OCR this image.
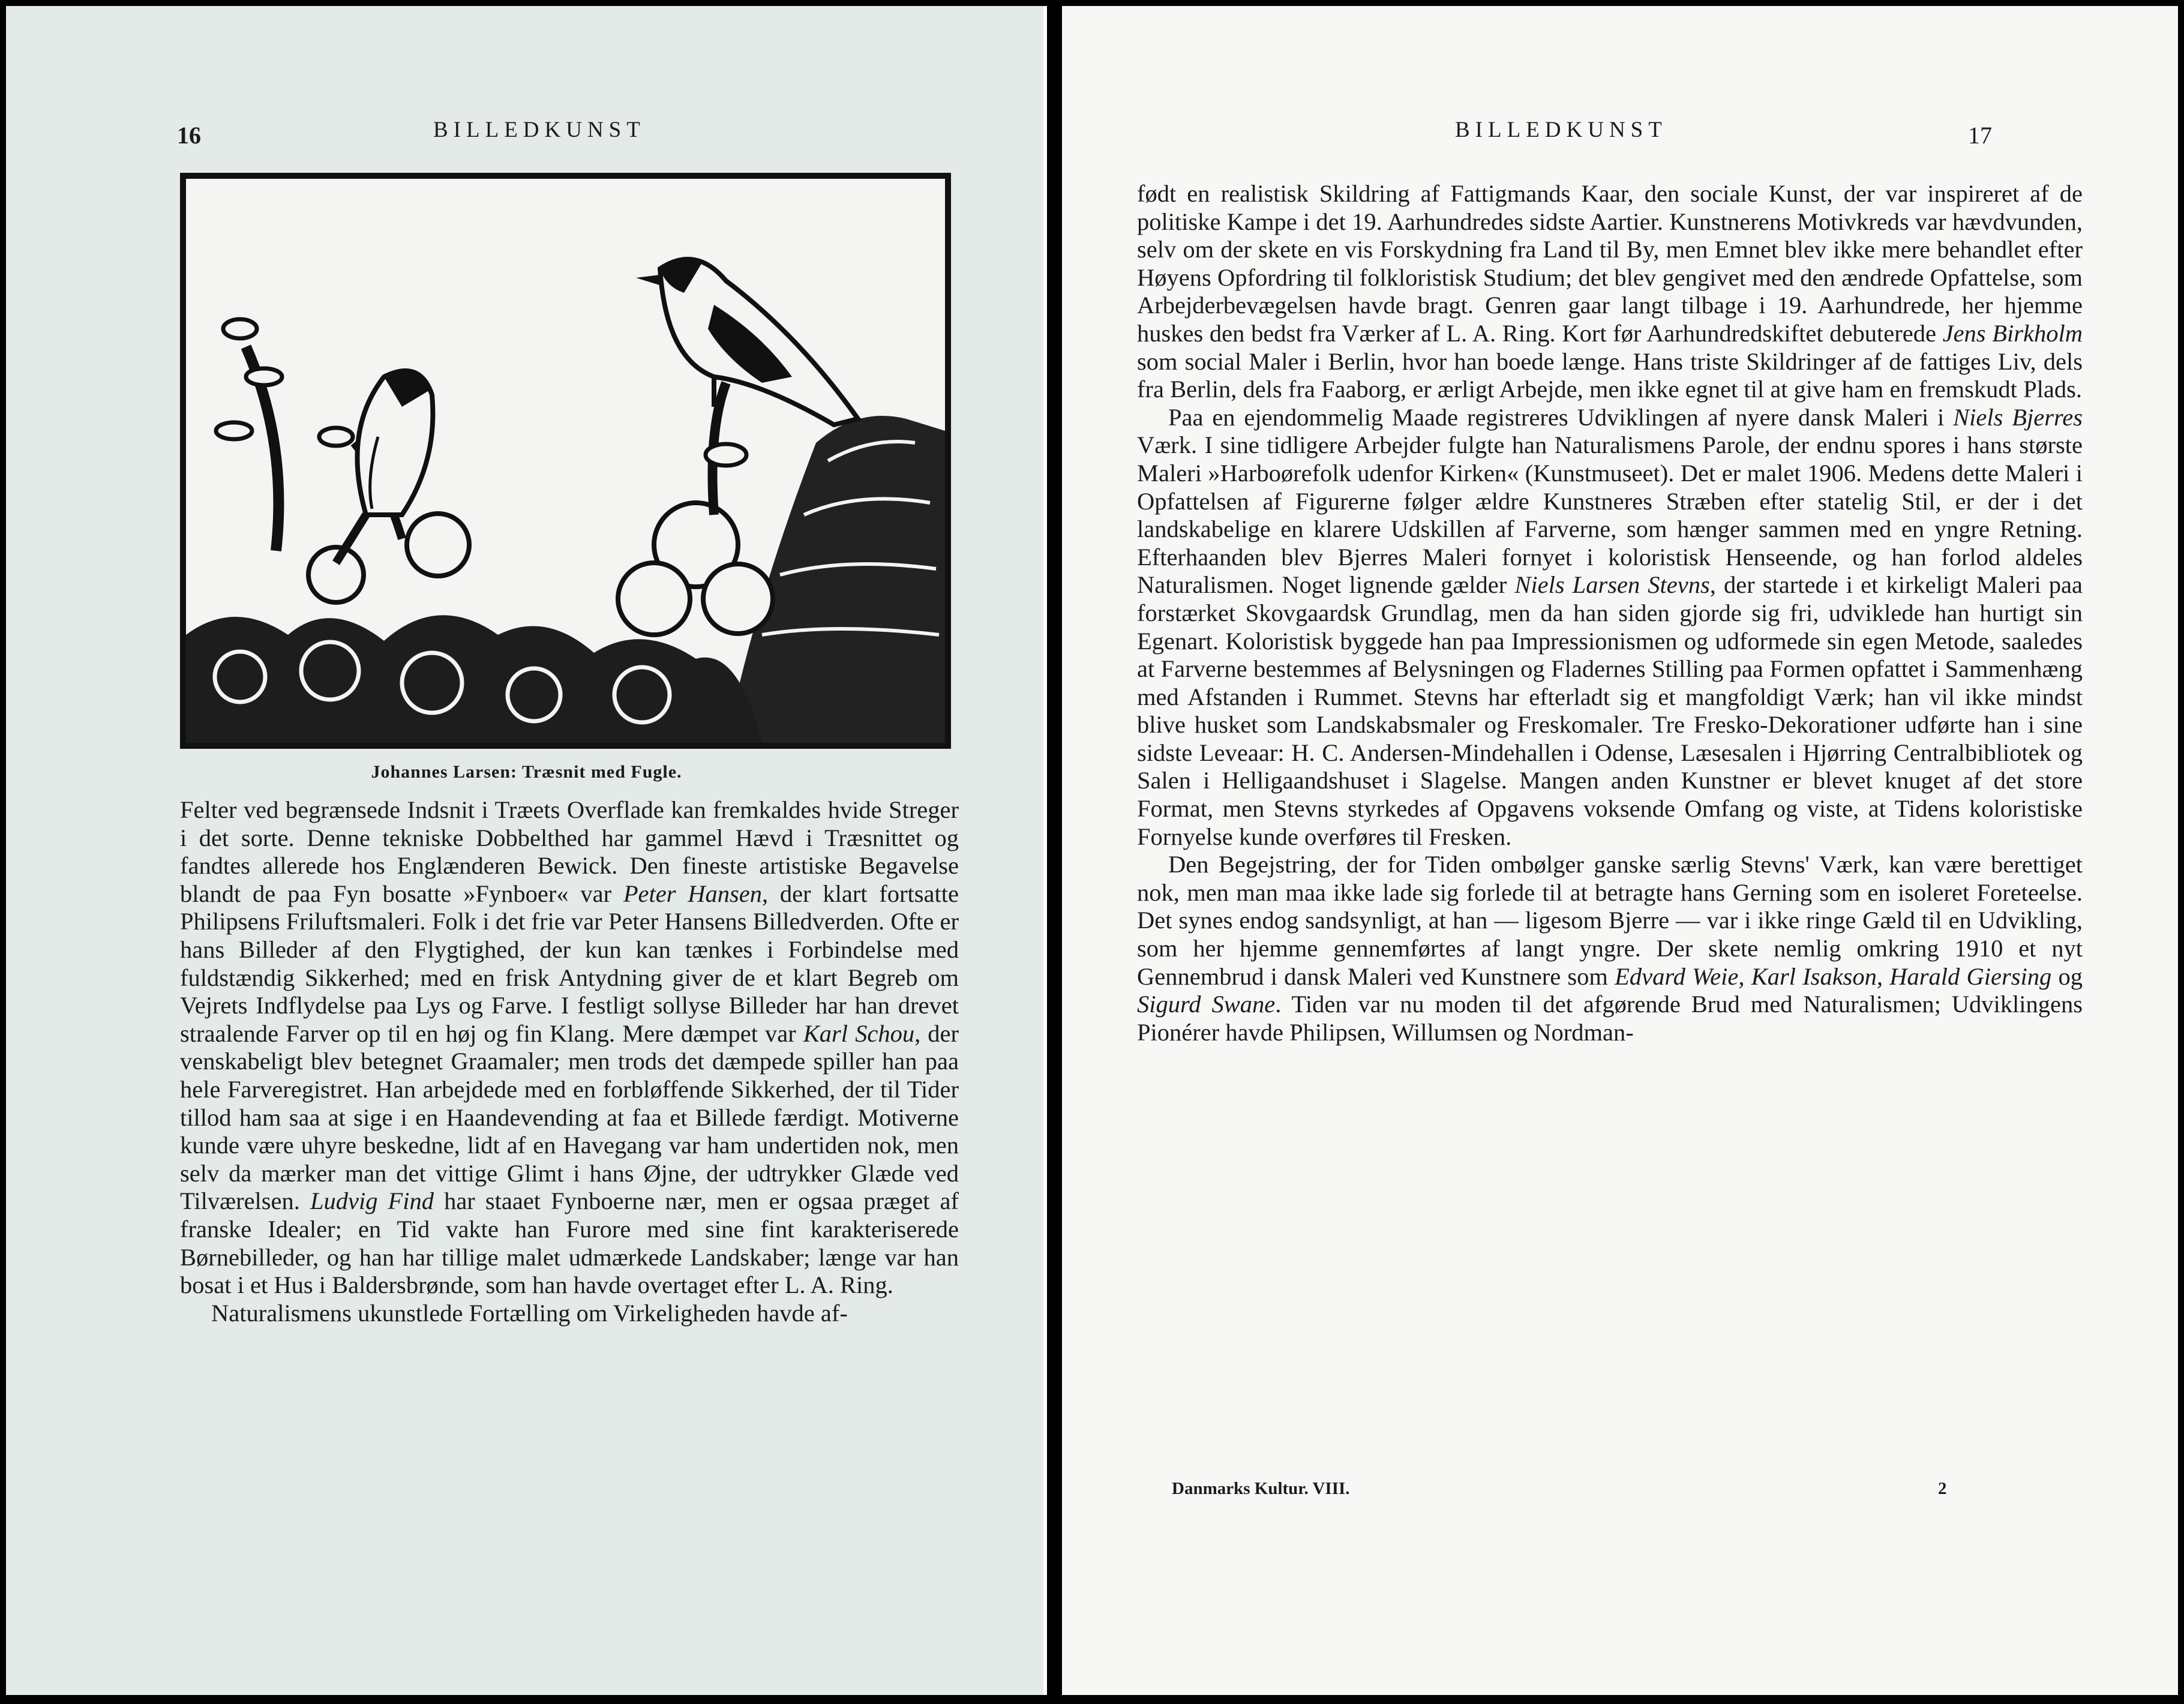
16	BILLEDKUNST
Johannes Larsen: Træsnit med Fugle.

Felter ved begrænsede Indsnit i Træets Overflade kan fremkaldes hvide Streger i det sorte. Denne tekniske Dobbelthed har gammel Hævd i Træsnittet og fandtes allerede hos Englænderen Bewick. Den fineste artistiske Begavelse blandt de paa Fyn bosatte »Fynboer« var Peter Hansen, der klart fortsatte Philipsens Friluftsmaleri. Folk i det frie var Peter Hansens Billedverden. Ofte er hans Billeder af den Flygtighed, der kun kan tænkes i Forbindelse med fuldstændig Sikkerhed; med en frisk Antydning giver de et klart Begreb om Vejrets Indflydelse paa Lys og Farve. I festligt sollyse Billeder har han drevet straalende Farver op til en høj og fin Klang. Mere dæmpet var Karl Schou, der venskabeligt blev betegnet Graamaler; men trods det dæmpede spiller han paa hele Farveregistret. Han arbejdede med en forbløffende Sikkerhed, der til Tider tillod ham saa at sige i en Haandevending at faa et Billede færdigt. Motiverne kunde være uhyre beskedne, lidt af en Havegang var ham undertiden nok, men selv da mærker man det vittige Glimt i hans Øjne, der udtrykker Glæde ved Tilværelsen. Ludvig Find har staaet Fynboerne nær, men er ogsaa præget af franske Idealer; en Tid vakte han Furore med sine fint karakteriserede Børnebilleder, og han har tillige malet udmærkede Landskaber; længe var han bosat i et Hus i Baldersbrønde, som han havde overtaget efter L. A. Ring.

Naturalismens ukunstlede Fortælling om Virkeligheden havde af-

BILLEDKUNST	17

født en realistisk Skildring af Fattigmands Kaar, den sociale Kunst, der var inspireret af de politiske Kampe i det 19. Aarhundredes sidste Aartier. Kunstnerens Motivkreds var hævdvunden, selv om der skete en vis Forskydning fra Land til By, men Emnet blev ikke mere behandlet efter Høyens Opfordring til folkloristisk Studium; det blev gengivet med den ændrede Opfattelse, som Arbejderbevægelsen havde bragt. Genren gaar langt tilbage i 19. Aarhundrede, her hjemme huskes den bedst fra Værker af L. A. Ring. Kort før Aarhundredskiftet debuterede Jens Birkholm som social Maler i Berlin, hvor han boede længe. Hans triste Skildringer af de fattiges Liv, dels fra Berlin, dels fra Faaborg, er ærligt Arbejde, men ikke egnet til at give ham en fremskudt Plads.

Paa en ejendommelig Maade registreres Udviklingen af nyere dansk Maleri i Niels Bjerres Værk. I sine tidligere Arbejder fulgte han Naturalismens Parole, der endnu spores i hans største Maleri »Harboørefolk udenfor Kirken« (Kunstmuseet). Det er malet 1906. Medens dette Maleri i Opfattelsen af Figurerne følger ældre Kunstneres Stræben efter statelig Stil, er der i det landskabelige en klarere Udskillen af Farverne, som hænger sammen med en yngre Retning. Efterhaanden blev Bjerres Maleri fornyet i koloristisk Henseende, og han forlod aldeles Naturalismen. Noget lignende gælder Niels Larsen Stevns, der startede i et kirkeligt Maleri paa forstærket Skovgaardsk Grundlag, men da han siden gjorde sig fri, udviklede han hurtigt sin Egenart. Koloristisk byggede han paa Impressionismen og udformede sin egen Metode, saaledes at Farverne bestemmes af Belysningen og Fladernes Stilling paa Formen opfattet i Sammenhæng med Afstanden i Rummet. Stevns har efterladt sig et mangfoldigt Værk; han vil ikke mindst blive husket som Landskabsmaler og Freskomaler. Tre Fresko-Dekorationer udførte han i sine sidste Leveaar: H. C. Andersen-Mindehallen i Odense, Læsesalen i Hjørring Centralbibliotek og Salen i Helligaandshuset i Slagelse. Mangen anden Kunstner er blevet knuget af det store Format, men Stevns styrkedes af Opgavens voksende Omfang og viste, at Tidens koloristiske Fornyelse kunde overføres til Fresken.

Den Begejstring, der for Tiden ombølger ganske særlig Stevns' Værk, kan være berettiget nok, men man maa ikke lade sig forlede til at betragte hans Gerning som en isoleret Foreteelse. Det synes endog sandsynligt, at han — ligesom Bjerre — var i ikke ringe Gæld til en Udvikling, som her hjemme gennemførtes af langt yngre. Der skete nemlig omkring 1910 et nyt Gennembrud i dansk Maleri ved Kunstnere som Edvard Weie, Karl Isakson, Harald Giersing og Sigurd Swane. Tiden var nu moden til det afgørende Brud med Naturalismen; Udviklingens Pionérer havde Philipsen, Willumsen og Nordman-

Danmarks Kultur. VIII.	2
